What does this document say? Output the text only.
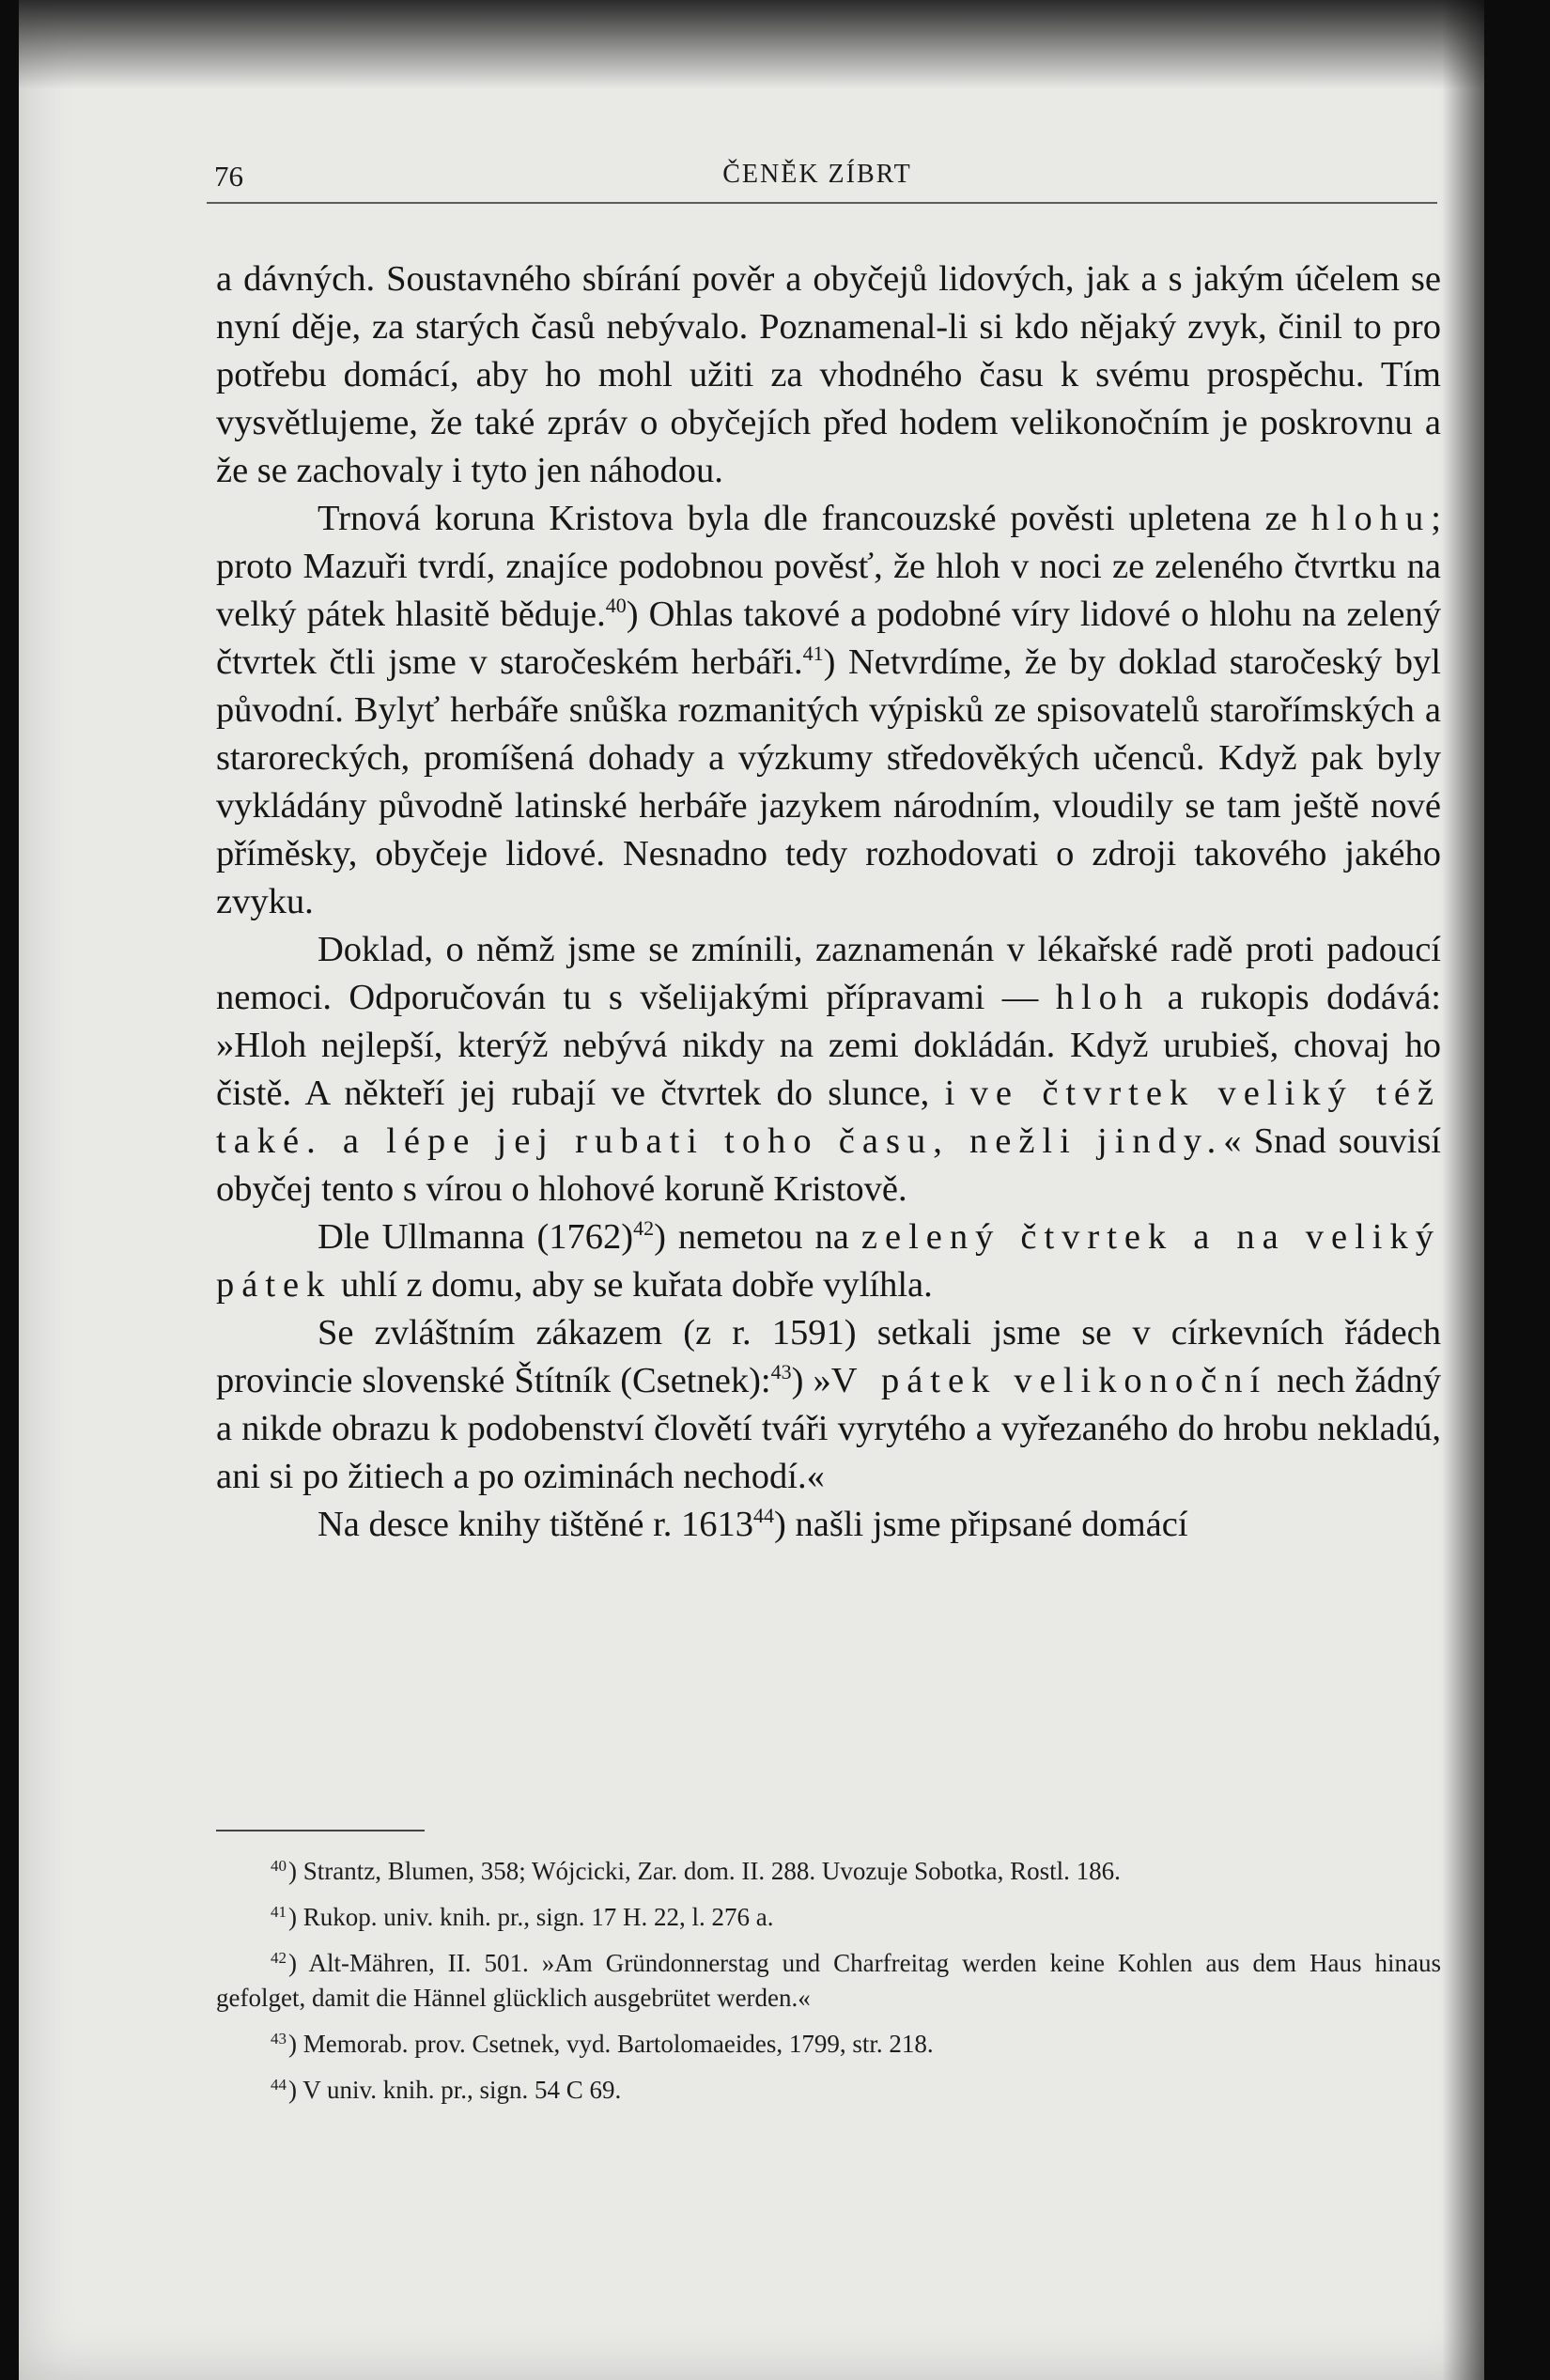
76	ČENĚK ZÍBRT

a dávných. Soustavného sbírání pověr a obyčejů lidových, jak a s jakým účelem se nyní děje, za starých časů nebývalo. Poznamenal-li si kdo nějaký zvyk, činil to pro potřebu domácí, aby ho mohl užiti za vhodného času k svému prospěchu. Tím vysvětlujeme, že také zpráv o obyčejích před hodem velikonočním je poskrovnu a že se zachovaly i tyto jen náhodou.

Trnová koruna Kristova byla dle francouzské pověsti upletena ze hlohu; proto Mazuři tvrdí, znajíce podobnou pověsť, že hloh v noci ze zeleného čtvrtku na velký pátek hlasitě běduje.$^{40}$) Ohlas takové a podobné víry lidové o hlohu na zelený čtvrtek čtli jsme v staročeském herbáři.$^{41}$) Netvrdíme, že by doklad staročeský byl původní. Bylyť herbáře snůška rozmanitých výpisků ze spisovatelů starořímských a staroreckých, promíšená dohady a výzkumy středověkých učenců. Když pak byly vykládány původně latinské herbáře jazykem národním, vloudily se tam ještě nové příměsky, obyčeje lidové. Nesnadno tedy rozhodovati o zdroji takového jakého zvyku.

Doklad, o němž jsme se zmínili, zaznamenán v lékařské radě proti padoucí nemoci. Odporučován tu s všelijakými přípravami — hloh a rukopis dodává: »Hloh nejlepší, kterýž nebývá nikdy na zemi dokládán. Když urubieš, chovaj ho čistě. A někteří jej rubají ve čtvrtek do slunce, i ve čtvrtek veliký též také. a lépe jej rubati toho času, nežli jindy.« Snad souvisí obyčej tento s vírou o hlohové koruně Kristově.

Dle Ullmanna $(1762)^{42}$) nemetou na zelený čtvrtek a na veliký pátek uhlí z domu, aby se kuřata dobře vylíhla.

Se zvláštním zákazem (z r. 1591) setkali jsme se v církevních řádech provincie slovenské Štítník (Csetnek):$^{43}$) »V pátek velikonoční nech žádný a nikde obrazu k podobenství človětí tváři vyrytého a vyřezaného do hrobu nekladú, ani si po žitiech a po oziminách nechodí.«

Na desce knihy tištěné r. 1613$^{44}$) našli jsme připsané domácí

$^{40}$) Strantz, Blumen, 358; Wójcicki, Zar. dom. II. 288. Uvozuje Sobotka, Rostl. 186.

$^{41}$) Rukop. univ. knih. pr., sign. 17 H. 22, l. 276 a.

$^{42}$) Alt-Mähren, II. 501. »Am Gründonnerstag und Charfreitag werden keine Kohlen aus dem Haus hinaus gefolget, damit die Hännel glücklich ausgebrütet werden.«

$^{43}$) Memorab. prov. Csetnek, vyd. Bartolomaeides, 1799, str. 218.

$^{44}$) V univ. knih. pr., sign. 54 C 69.
